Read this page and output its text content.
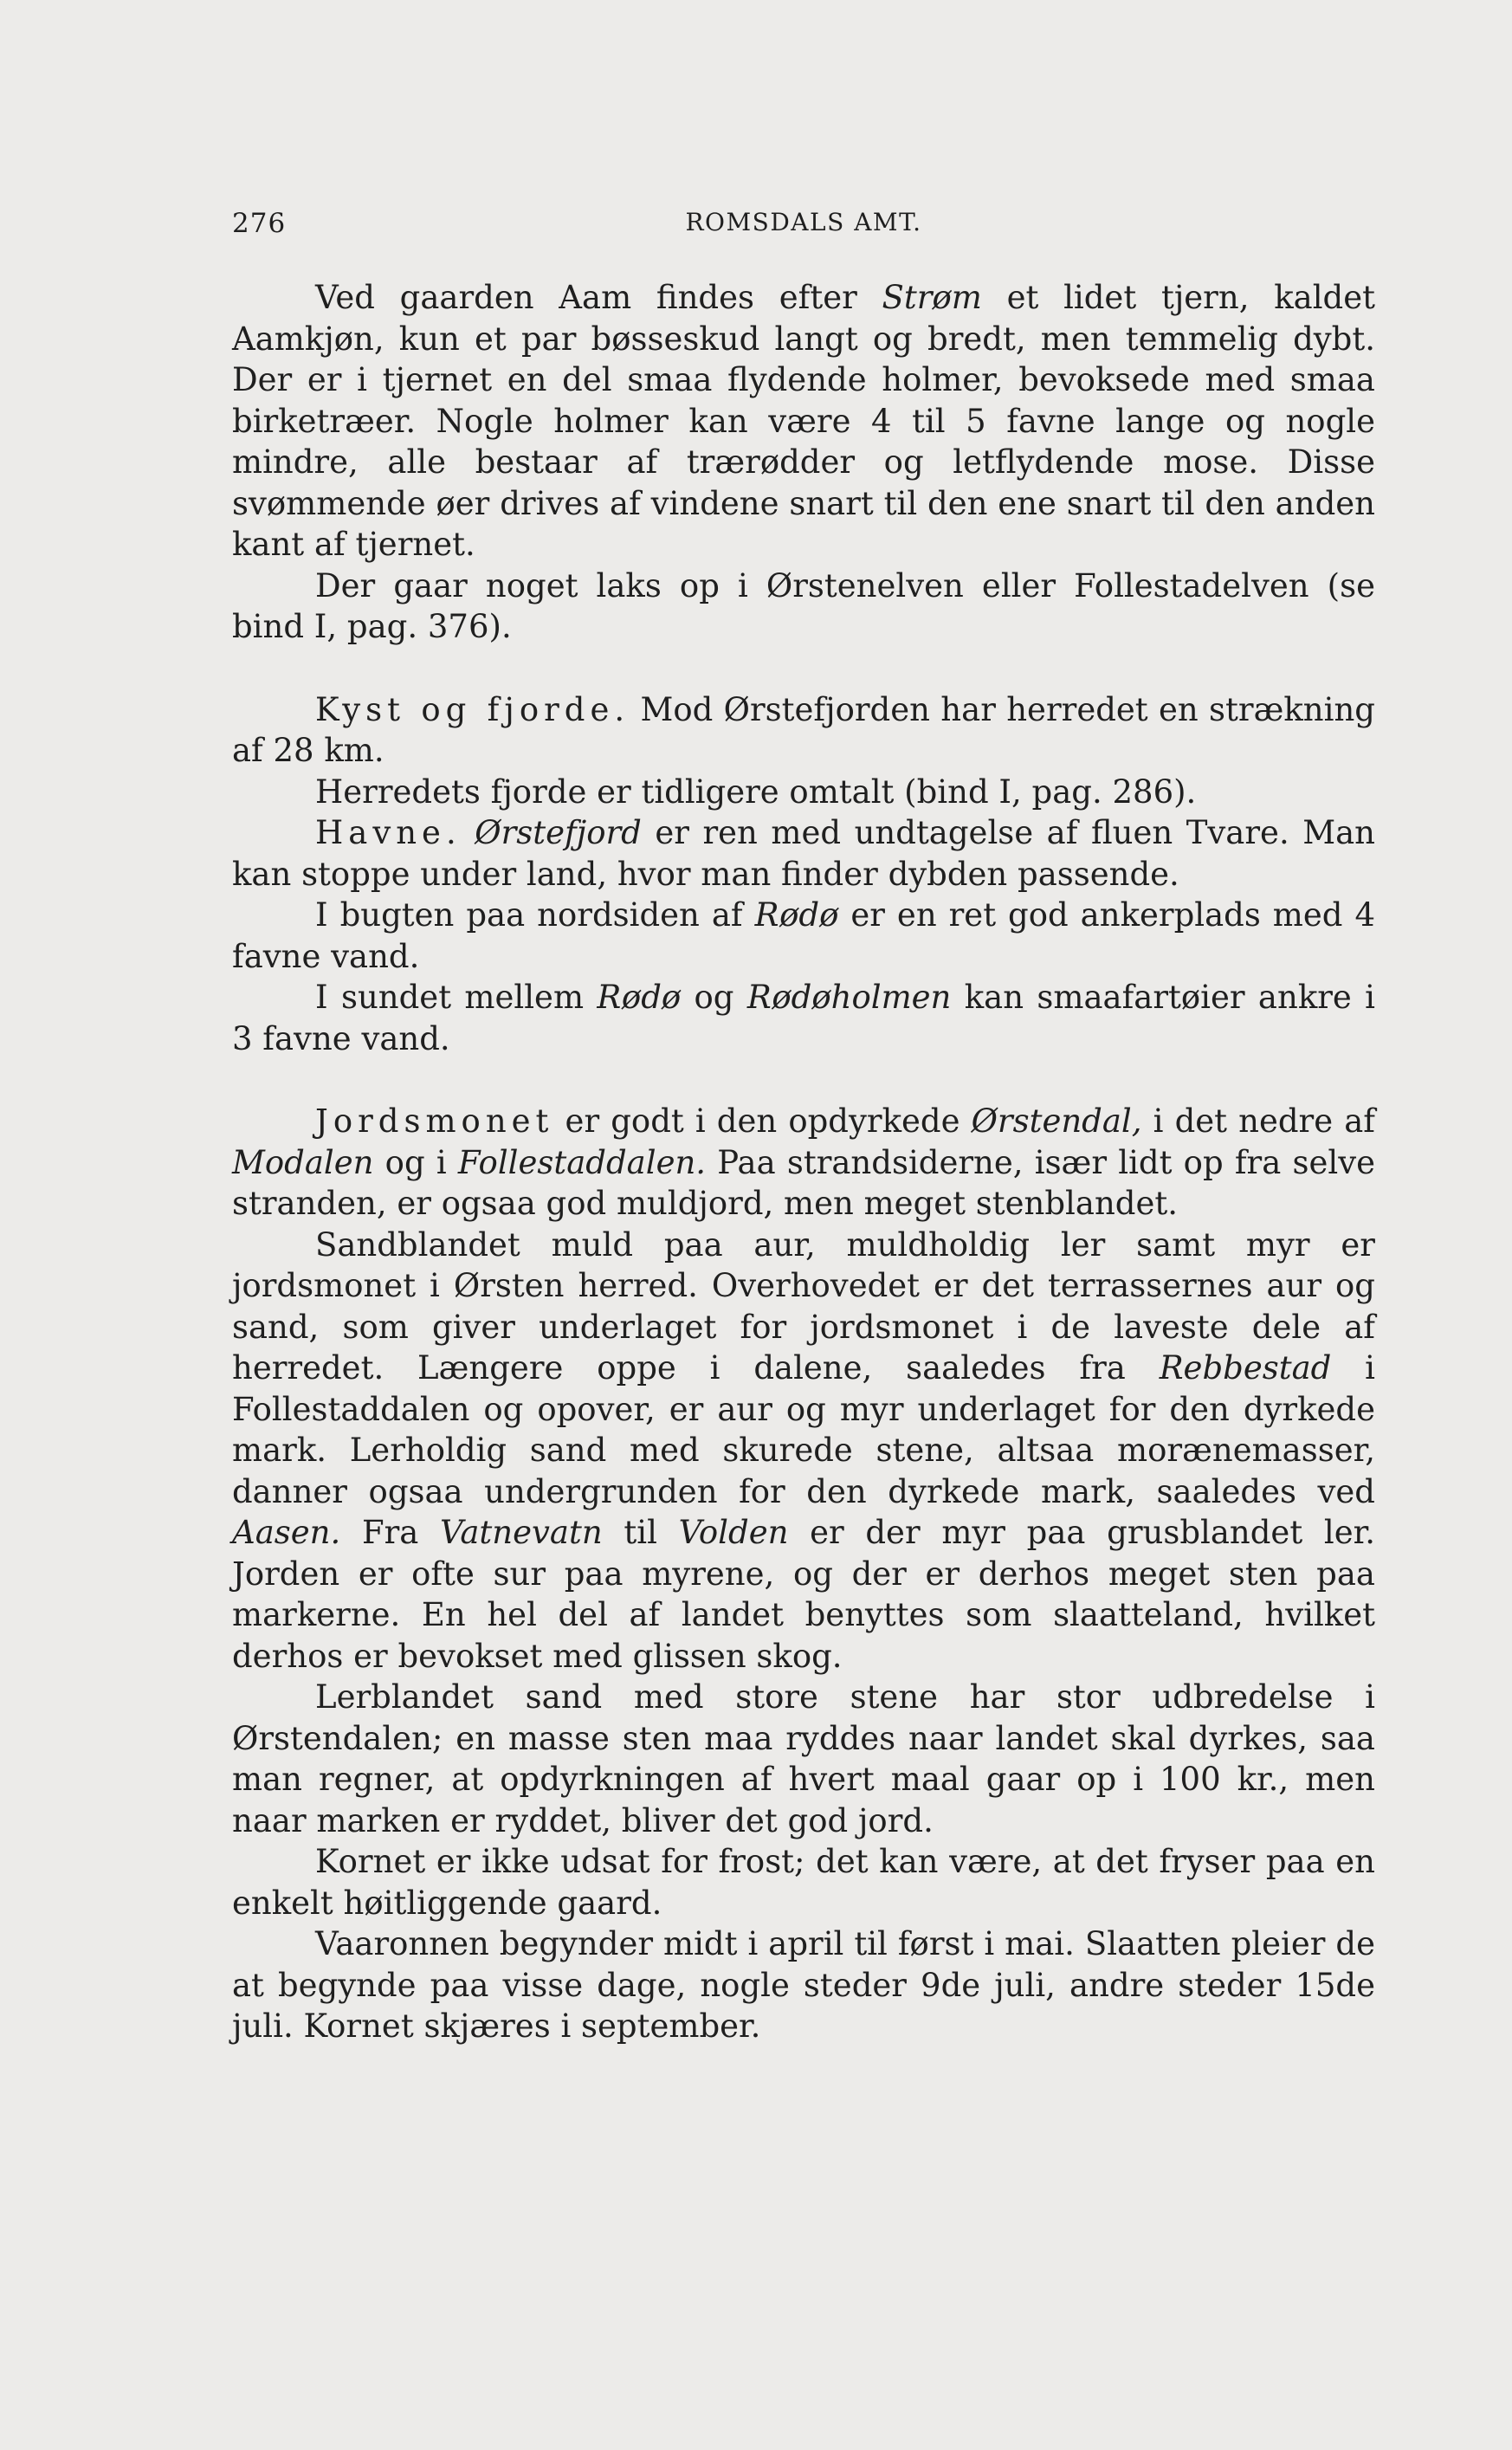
276	ROMSDALS AMT.

Ved gaarden Aam findes efter Strøm et lidet tjern, kaldet Aamkjøn, kun et par bøsseskud langt og bredt, men temmelig dybt. Der er i tjernet en del smaa flydende holmer, bevoksede med smaa birketræer. Nogle holmer kan være 4 til 5 favne lange og nogle mindre, alle bestaar af trærødder og letflydende mose. Disse svømmende øer drives af vindene snart til den ene snart til den anden kant af tjernet.

Der gaar noget laks op i Ørstenelven eller Follestadelven (se bind I, pag. 376).

Kyst og fjorde. Mod Ørstefjorden har herredet en strækning af 28 km.

Herredets fjorde er tidligere omtalt (bind I, pag. 286).

Havne. Ørstefjord er ren med undtagelse af fluen Tvare. Man kan stoppe under land, hvor man finder dybden passende.

I bugten paa nordsiden af Rødø er en ret god ankerplads med 4 favne vand.

I sundet mellem Rødø og Rødøholmen kan smaafartøier ankre i 3 favne vand.

Jordsmonet er godt i den opdyrkede Ørstendal, i det nedre af Modalen og i Follestaddalen. Paa strandsiderne, især lidt op fra selve stranden, er ogsaa god muldjord, men meget stenblandet.

Sandblandet muld paa aur, muldholdig ler samt myr er jordsmonet i Ørsten herred. Overhovedet er det terrassernes aur og sand, som giver underlaget for jordsmonet i de laveste dele af herredet. Længere oppe i dalene, saaledes fra Rebbestad i Follestaddalen og opover, er aur og myr underlaget for den dyrkede mark. Lerholdig sand med skurede stene, altsaa morænemasser, danner ogsaa undergrunden for den dyrkede mark, saaledes ved Aasen. Fra Vatnevatn til Volden er der myr paa grusblandet ler. Jorden er ofte sur paa myrene, og der er derhos meget sten paa markerne. En hel del af landet benyttes som slaatteland, hvilket derhos er bevokset med glissen skog.

Lerblandet sand med store stene har stor udbredelse i Ørstendalen; en masse sten maa ryddes naar landet skal dyrkes, saa man regner, at opdyrkningen af hvert maal gaar op i 100 kr., men naar marken er ryddet, bliver det god jord.

Kornet er ikke udsat for frost; det kan være, at det fryser paa en enkelt høitliggende gaard.

Vaaronnen begynder midt i april til først i mai. Slaatten pleier de at begynde paa visse dage, nogle steder 9de juli, andre steder 15de juli. Kornet skjæres i september.
